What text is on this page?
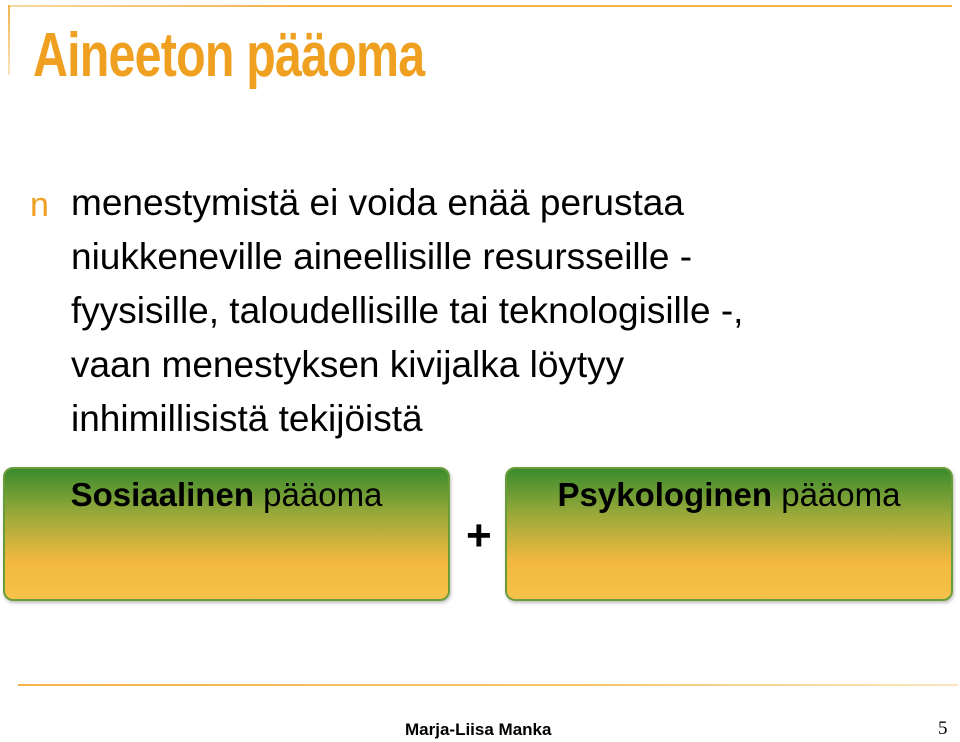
Aineeton pääoma
n menestymistä ei voida enää perustaa
niukkeneville aineellisille resursseille -
fyysisille, taloudellisille tai teknologisille -,
vaan menestyksen kivijalka löytyy
inhimillisistä tekijöistä

Sosiaalinen pääoma
+
Psykologinen pääoma
Marja-Liisa Manka	5
